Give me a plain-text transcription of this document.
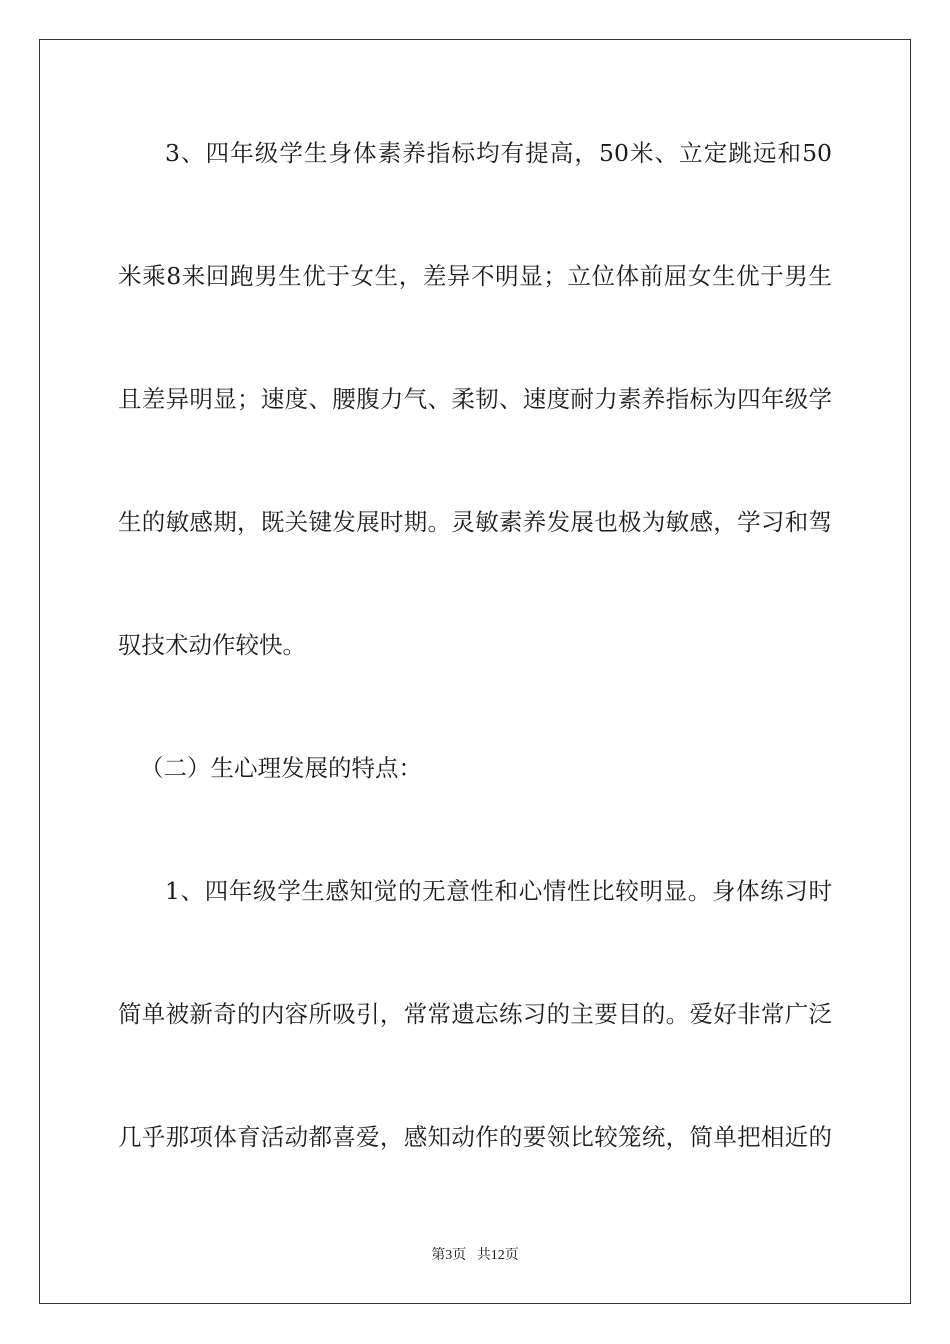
3、四年级学生身体素养指标均有提高，50米、立定跳远和50
米乘8来回跑男生优于女生，差异不明显；立位体前屈女生优于男生
且差异明显；速度、腰腹力气、柔韧、速度耐力素养指标为四年级学
生的敏感期，既关键发展时期。灵敏素养发展也极为敏感，学习和驾
驭技术动作较快。
（二）生心理发展的特点：
1、四年级学生感知觉的无意性和心情性比较明显。身体练习时
简单被新奇的内容所吸引，常常遗忘练习的主要目的。爱好非常广泛
几乎那项体育活动都喜爱，感知动作的要领比较笼统，简单把相近的
第3页 共12页
